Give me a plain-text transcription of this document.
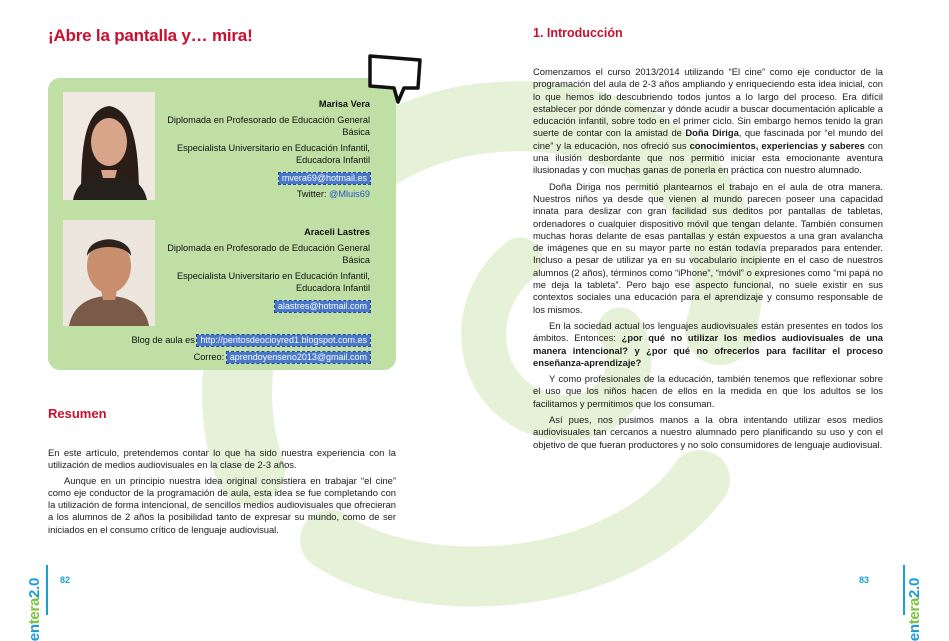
¡Abre la pantalla y… mira!
Marisa Vera
Diplomada en Profesorado de Educación General Básica
Especialista Universitario en Educación Infantil, Educadora Infantil
mvera69@hotmail.es
Twitter: @Mluis69
Araceli Lastres
Diplomada en Profesorado de Educación General Básica
Especialista Universitario en Educación Infantil, Educadora Infantil
alastres@hotmail.com
Blog de aula es http://peritosdeocioyred1.blogspot.com.es
Correo: aprendoyenseno2013@gmail.com
Resumen

En este artículo, pretendemos contar lo que ha sido nuestra experiencia con la utilización de medios audiovisuales en la clase de 2-3 años.

Aunque en un principio nuestra idea original consistiera en trabajar “el cine” como eje conductor de la programación de aula, esta idea se fue completando con la utilización de forma intencional, de sencillos medios audiovisuales que ofrecieran a los alumnos de 2 años la posibilidad tanto de expresar su mundo, como de ser iniciados en el consumo crítico de lenguaje audiovisual.

entera2.0 82
1. Introducción

Comenzamos el curso 2013/2014 utilizando “El cine” como eje conductor de la programación del aula de 2-3 años ampliando y enriqueciendo esta idea inicial, con lo que hemos ido descubriendo todos juntos a lo largo del proceso. Era difícil establecer por dónde comenzar y dónde acudir a buscar documentación aplicable a educación infantil, sobre todo en el primer ciclo. Sin embargo hemos tenido la gran suerte de contar con la amistad de Doña Diriga, que fascinada por “el mundo del cine” y la educación, nos ofreció sus conocimientos, experiencias y saberes con una ilusión desbordante que nos permitió iniciar esta emocionante aventura ilusionadas y con muchas ganas de ponerla en práctica con nuestro alumnado.

Doña Diriga nos permitió plantearnos el trabajo en el aula de otra manera. Nuestros niños ya desde que vienen al mundo parecen poseer una capacidad innata para deslizar con gran facilidad sus deditos por pantallas de tabletas, ordenadores o cualquier dispositivo móvil que tengan delante. También consumen muchas horas delante de esas pantallas y están expuestos a una gran avalancha de imágenes que en su mayor parte no están todavía preparados para entender. Incluso a pesar de utilizar ya en su vocabulario incipiente en el caso de nuestros alumnos (2 años), términos como “iPhone”, “móvil” o expresiones como “mi papá no me deja la tableta”. Pero bajo ese aspecto funcional, no suele existir en sus contextos sociales una educación para el aprendizaje y consumo responsable de los mismos.

En la sociedad actual los lenguajes audiovisuales están presentes en todos los ámbitos. Entonces: ¿por qué no utilizar los medios audiovisuales de una manera intencional? y ¿por qué no ofrecerlos para facilitar el proceso enseñanza-aprendizaje?

Y como profesionales de la educación, también tenemos que reflexionar sobre el uso que los niños hacen de ellos en la medida en que los adultos se los facilitamos y permitimos que los consuman.

Así pues, nos pusimos manos a la obra intentando utilizar esos medios audiovisuales tan cercanos a nuestro alumnado pero planificando su uso y con el objetivo de que fueran productores y no solo consumidores de lenguaje audiovisual.

83
entera2.0
